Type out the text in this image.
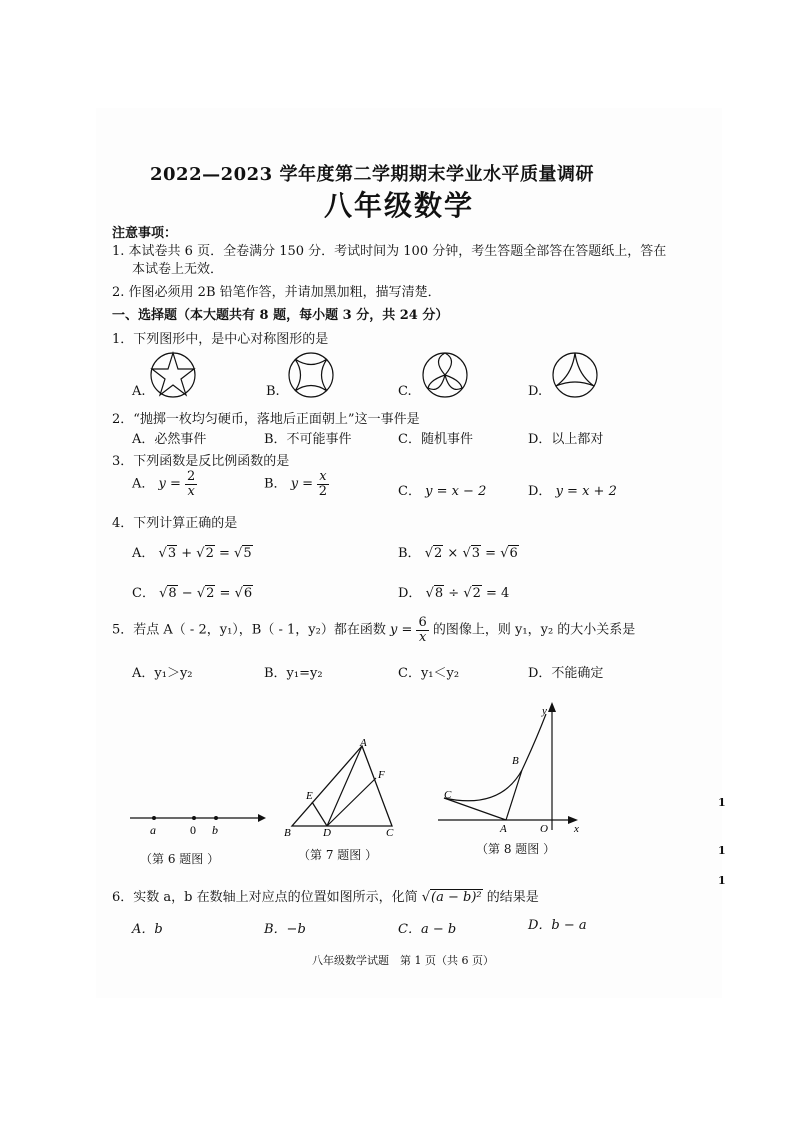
2022—2023 学年度第二学期期末学业水平质量调研
八年级数学
注意事项：
1. 本试卷共 6 页．全卷满分 150 分．考试时间为 100 分钟，考生答题全部答在答题纸上，答在
本试卷上无效．
2. 作图必须用 2B 铅笔作答，并请加黑加粗，描写清楚．
一、选择题（本大题共有 8 题，每小题 3 分，共 24 分）
1．下列图形中，是中心对称图形的是
A.	B.	C.	D.
2．“抛掷一枚均匀硬币，落地后正面朝上”这一事件是
A．必然事件	B．不可能事件	C．随机事件	D．以上都对
3．下列函数是反比例函数的是
A． $y = \frac{2}{x}$	B． $y = \frac{x}{2}$	C． y = x − 2	D． y = x + 2
4．下列计算正确的是
A． √3 + √2 = √5	B． √2 × √3 = √6
C． √8 − √2 = √6	D． √8 ÷ √2 = 4
5．若点 A（ - 2，y₁），B（ - 1，y₂）都在函数 $y = \frac{6}{x}$ 的图像上，则 y₁，y₂ 的大小关系是
A．y₁＞y₂	B．y₁=y₂	C．y₁＜y₂	D．不能确定
a	0 b
（第 6 题图 ）
A
B	C
D
E
F
（第 7 题图 ）
y
x
O
A
B
C
（第 8 题图 ）
6．实数 a，b 在数轴上对应点的位置如图所示，化简 √(a − b)² 的结果是
A．b	B．−b	C．a − b	D．b − a
1
1
1
八年级数学试题　第 1 页（共 6 页）
